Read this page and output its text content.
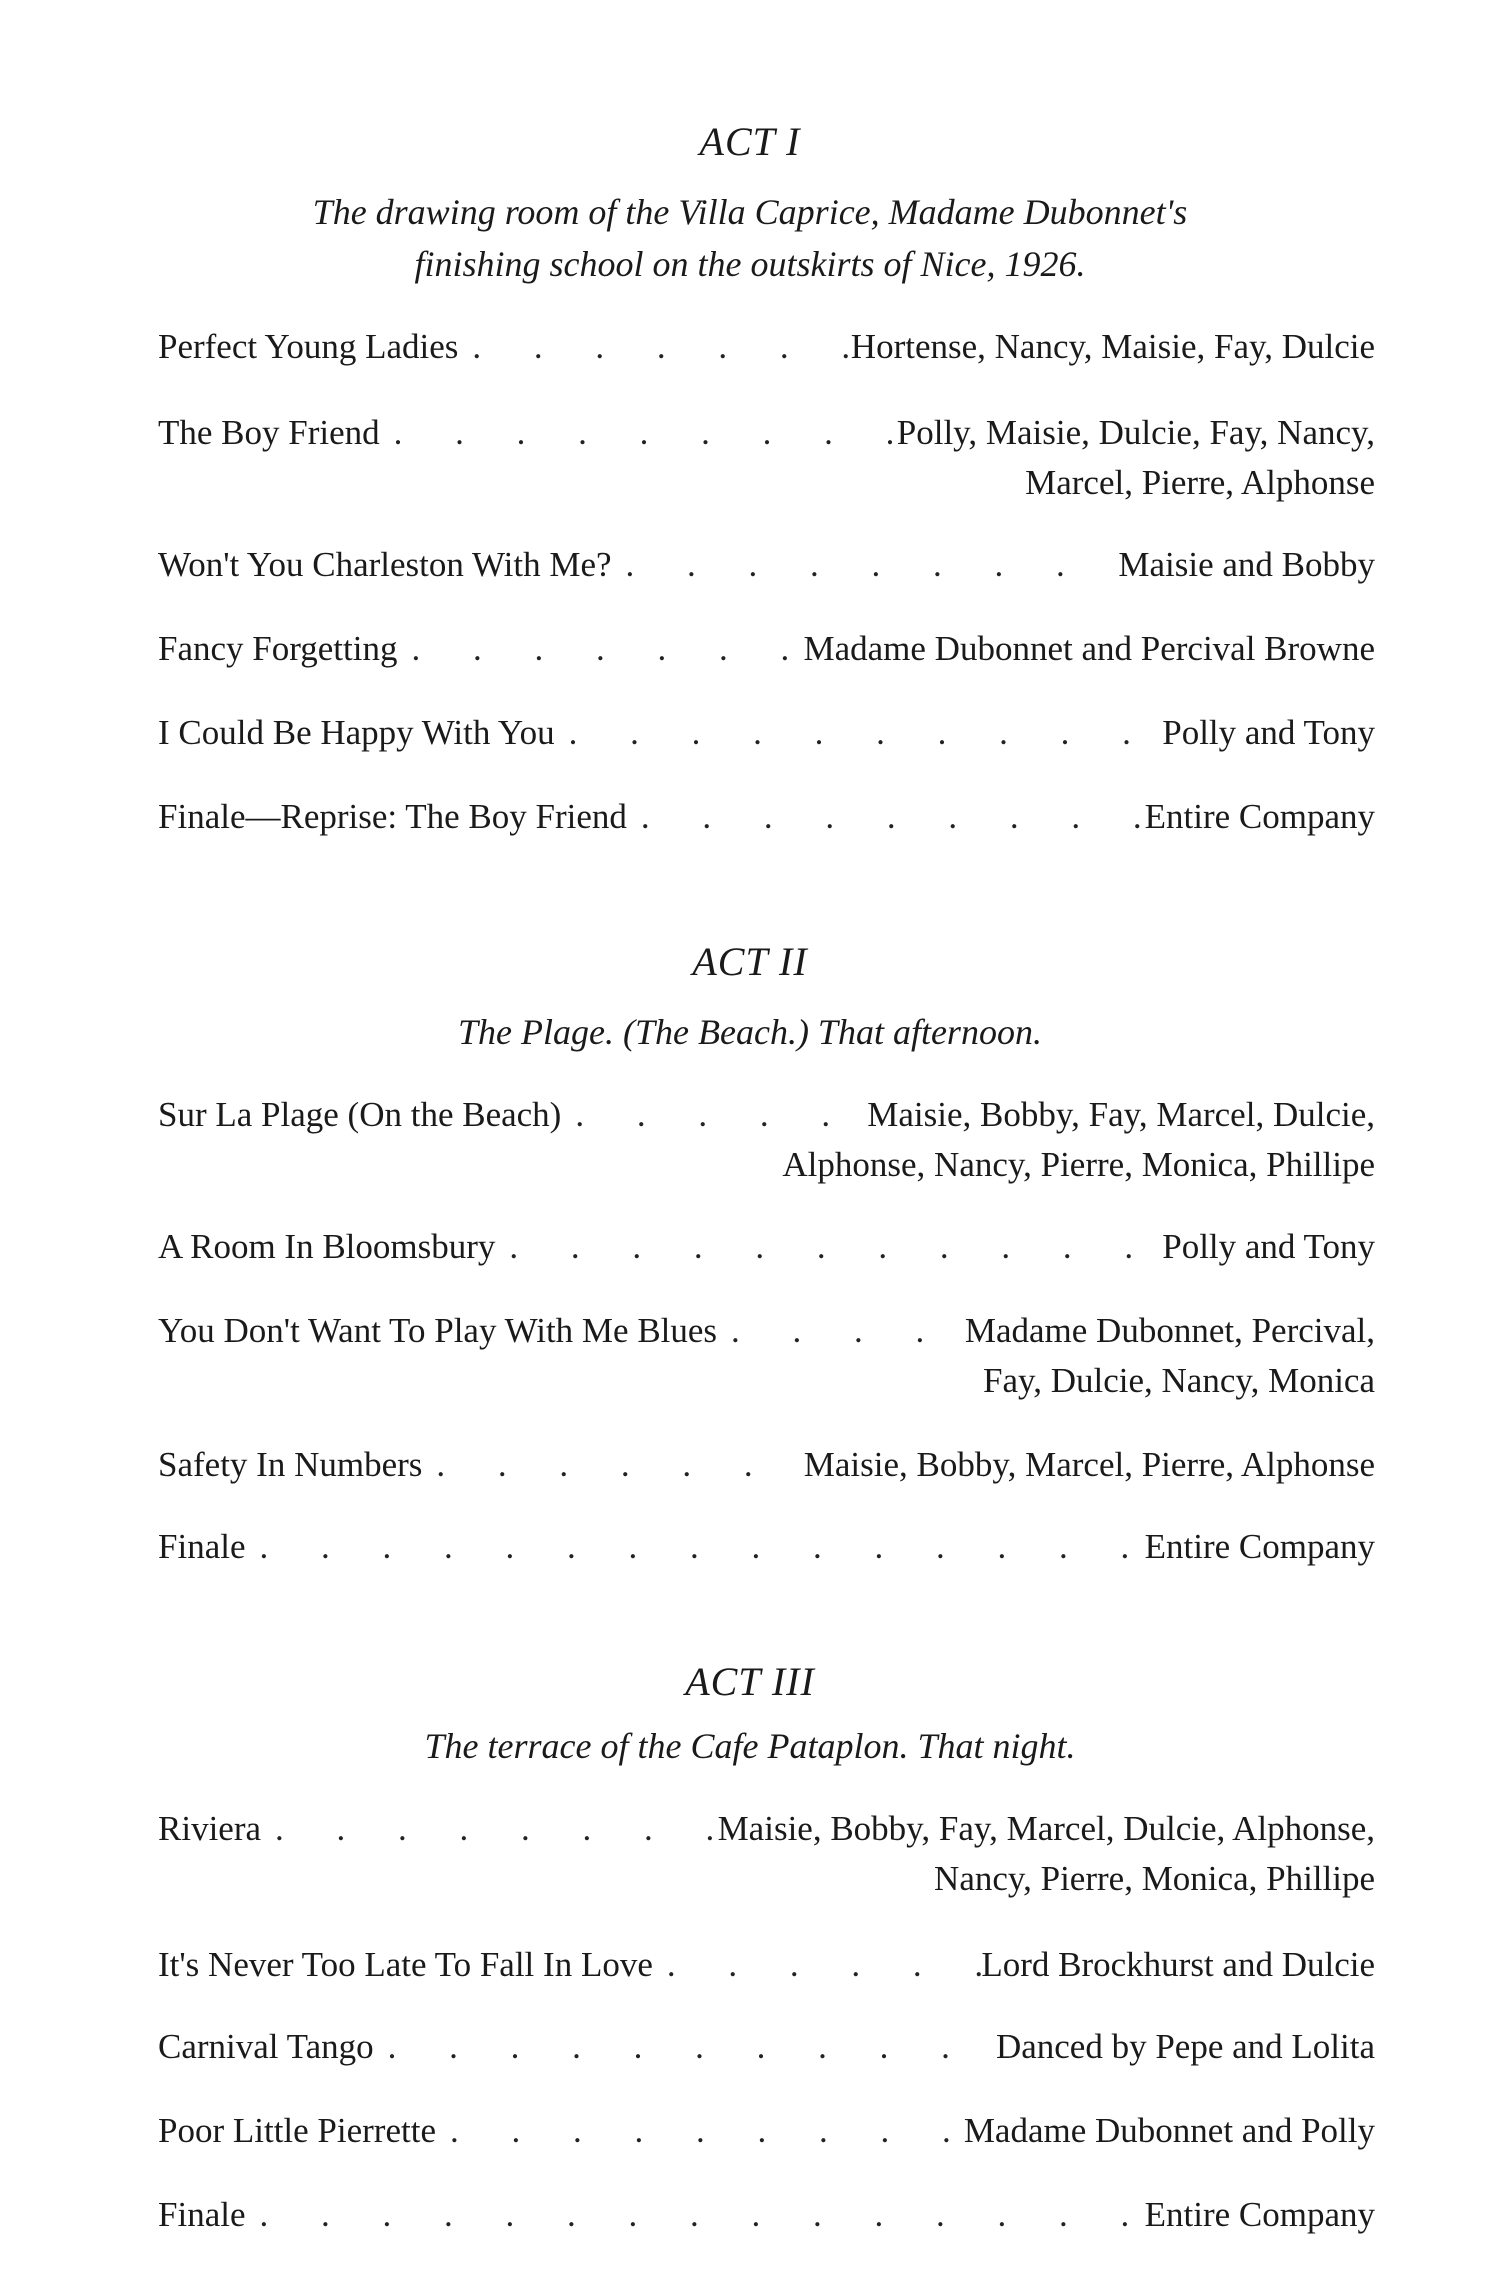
ACT I

The drawing room of the Villa Caprice, Madame Dubonnet's

finishing school on the outskirts of Nice, 1926.

Perfect Young Ladies . . .	Hortense, Nancy, Maisie, Fay, Dulcie
The Boy Friend . . .	Polly, Maisie, Dulcie, Fay, Nancy,
Marcel, Pierre, Alphonse
Won't You Charleston With Me? . . .	Maisie and Bobby
Fancy Forgetting . . .	Madame Dubonnet and Percival Browne
I Could Be Happy With You . . .	Polly and Tony
Finale—Reprise: The Boy Friend . . .	Entire Company
ACT II

The Plage. (The Beach.) That afternoon.

Sur La Plage (On the Beach) . . .	Maisie, Bobby, Fay, Marcel, Dulcie,
Alphonse, Nancy, Pierre, Monica, Phillipe
A Room In Bloomsbury . . .	Polly and Tony
You Don't Want To Play With Me Blues . . .	Madame Dubonnet, Percival,
Fay, Dulcie, Nancy, Monica
Safety In Numbers . . .	Maisie, Bobby, Marcel, Pierre, Alphonse
Finale . . .	Entire Company
ACT III

The terrace of the Cafe Pataplon. That night.

Riviera . . .	Maisie, Bobby, Fay, Marcel, Dulcie, Alphonse,
Nancy, Pierre, Monica, Phillipe
It's Never Too Late To Fall In Love . . .	Lord Brockhurst and Dulcie
Carnival Tango . . .	Danced by Pepe and Lolita
Poor Little Pierrette . . .	Madame Dubonnet and Polly
Finale . . .	Entire Company
